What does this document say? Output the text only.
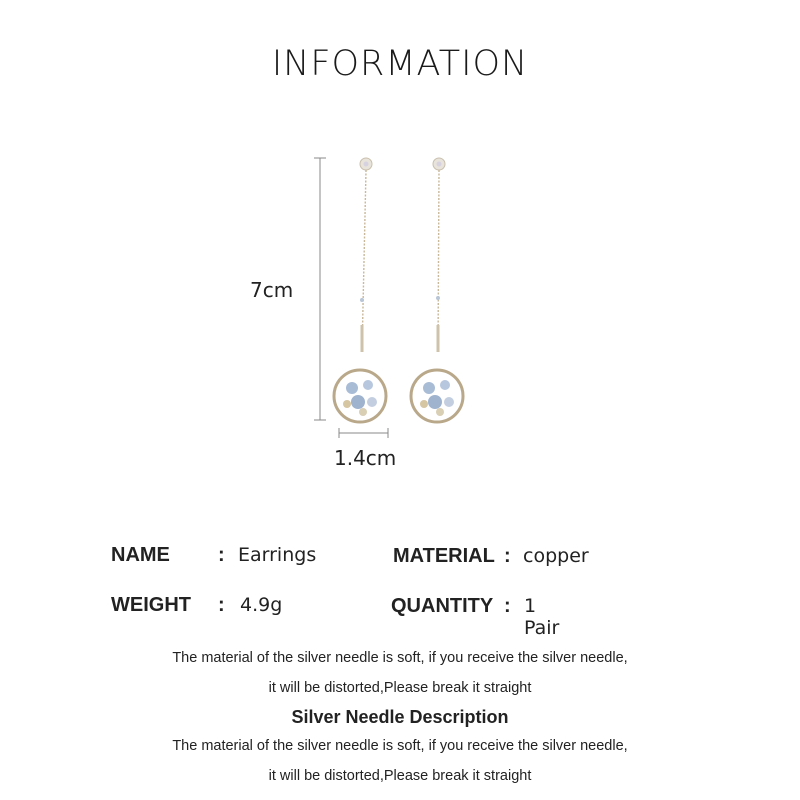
INFORMATION
7cm
1.4cm
NAME : Earrings	MATERIAL : copper
WEIGHT : 4.9g	QUANTITY : 1 Pair
The material of the silver needle is soft, if you receive the silver needle,
it will be distorted,Please break it straight
Silver Needle Description
The material of the silver needle is soft, if you receive the silver needle,
it will be distorted,Please break it straight
